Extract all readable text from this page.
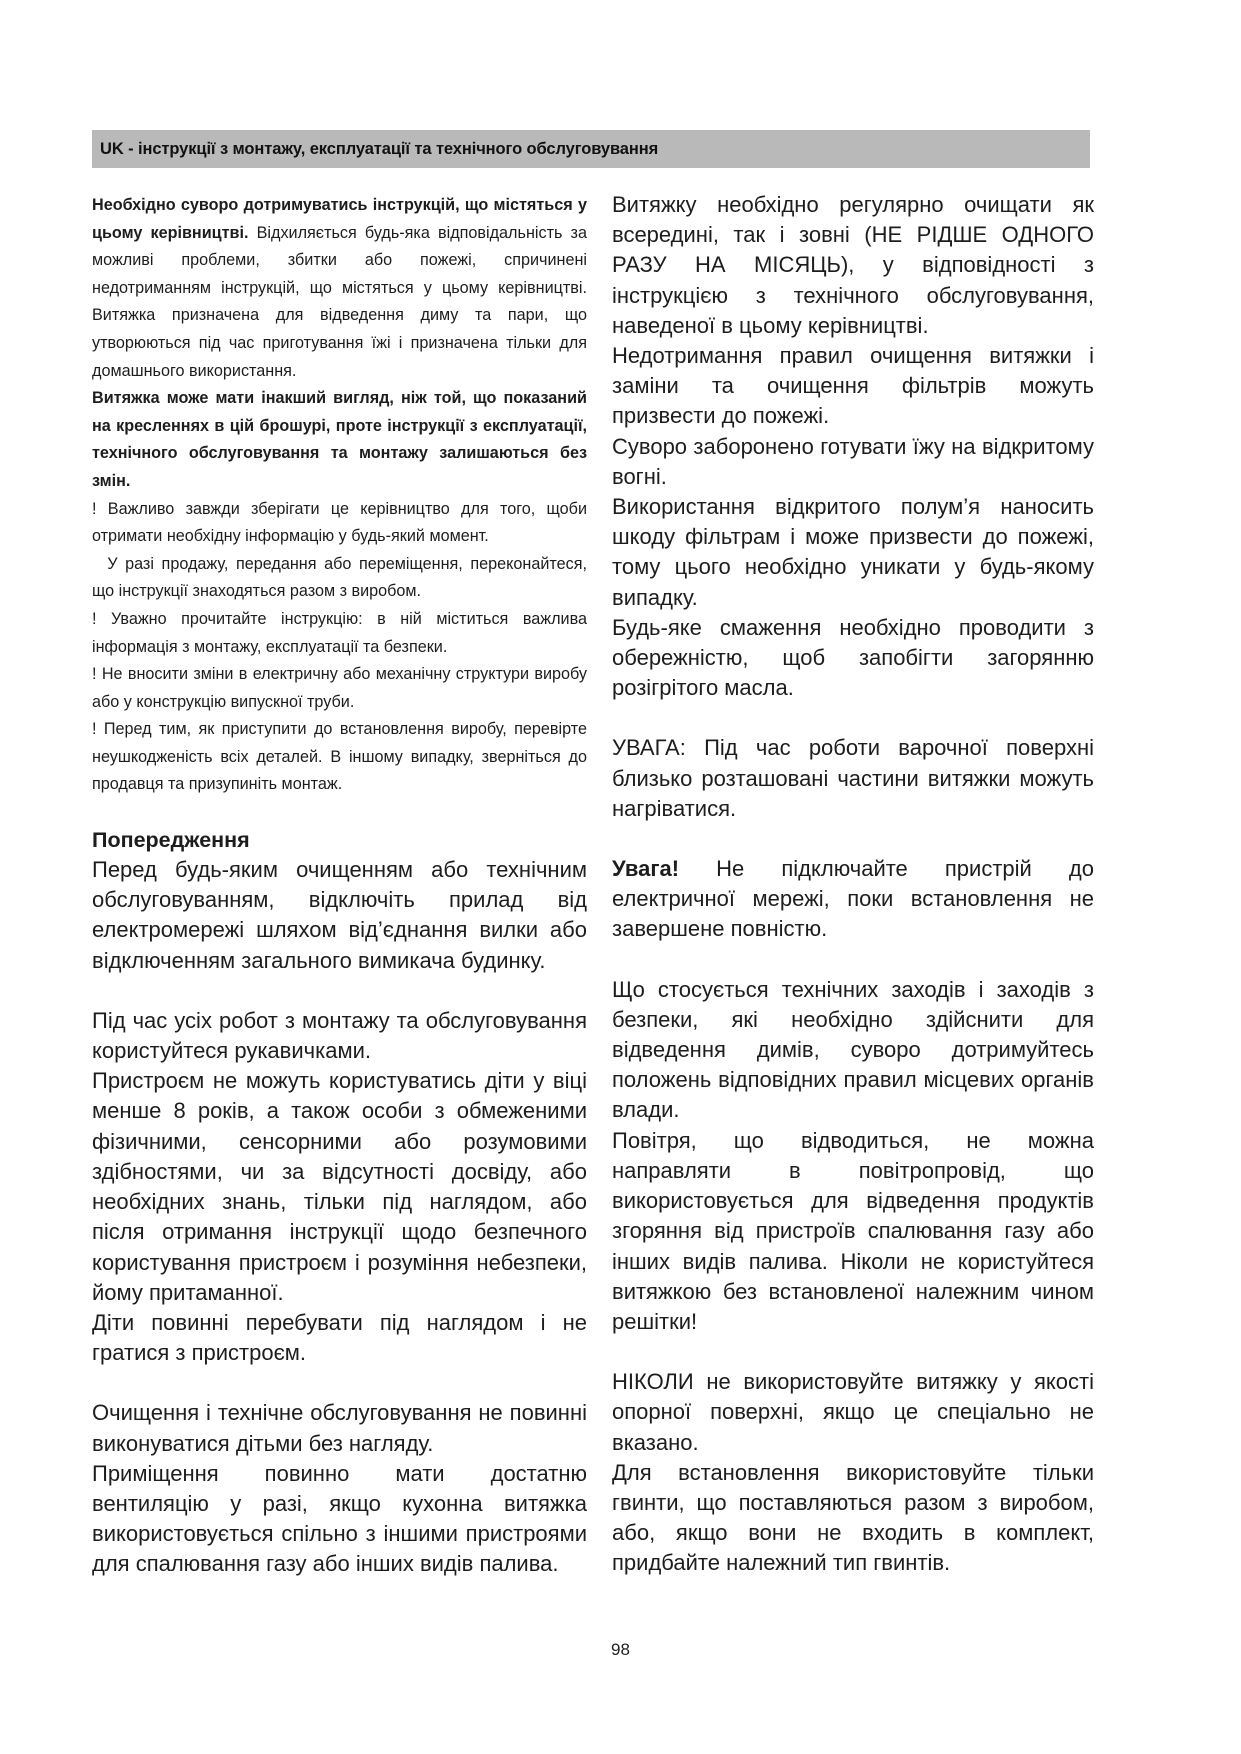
UK - інструкції з монтажу, експлуатації та технічного обслуговування

Необхідно суворо дотримуватись інструкцій, що містяться у цьому керівництві. Відхиляється будь-яка відповідальність за можливі проблеми, збитки або пожежі, спричинені недотриманням інструкцій, що містяться у цьому керівництві. Витяжка призначена для відведення диму та пари, що утворюються під час приготування їжі і призначена тільки для домашнього використання.

Витяжка може мати інакший вигляд, ніж той, що показаний на кресленнях в цій брошурі, проте інструкції з експлуатації, технічного обслуговування та монтажу залишаються без змін.

! Важливо завжди зберігати це керівництво для того, щоби отримати необхідну інформацію у будь-який момент.

У разі продажу, передання або переміщення, переконайтеся, що інструкції знаходяться разом з виробом.

! Уважно прочитайте інструкцію: в ній міститься важлива інформація з монтажу, експлуатації та безпеки.

! Не вносити зміни в електричну або механічну структури виробу або у конструкцію випускної труби.

! Перед тим, як приступити до встановлення виробу, перевірте неушкодженість всіх деталей. В іншому випадку, зверніться до продавця та призупиніть монтаж.

Попередження

Перед будь-яким очищенням або технічним обслуговуванням, відключіть прилад від електромережі шляхом від’єднання вилки або відключенням загального вимикача будинку.

Під час усіх робот з монтажу та обслуговування користуйтеся рукавичками.

Пристроєм не можуть користуватись діти у віці менше 8 років, а також особи з обмеженими фізичними, сенсорними або розумовими здібностями, чи за відсутності досвіду, або необхідних знань, тільки під наглядом, або після отримання інструкції щодо безпечного користування пристроєм і розуміння небезпеки, йому притаманної.

Діти повинні перебувати під наглядом і не гратися з пристроєм.

Очищення і технічне обслуговування не повинні виконуватися дітьми без нагляду.

Приміщення повинно мати достатню вентиляцію у разі, якщо кухонна витяжка використовується спільно з іншими пристроями для спалювання газу або інших видів палива.

Витяжку необхідно регулярно очищати як всередині, так і зовні (НЕ РІДШЕ ОДНОГО РАЗУ НА МІСЯЦЬ), у відповідності з інструкцією з технічного обслуговування, наведеної в цьому керівництві.

Недотримання правил очищення витяжки і заміни та очищення фільтрів можуть призвести до пожежі.

Суворо заборонено готувати їжу на відкритому вогні.

Використання відкритого полум’я наносить шкоду фільтрам і може призвести до пожежі, тому цього необхідно уникати у будь-якому випадку.

Будь-яке смаження необхідно проводити з обережністю, щоб запобігти загорянню розігрітого масла.

УВАГА: Під час роботи варочної поверхні близько розташовані частини витяжки можуть нагріватися.

Увага! Не підключайте пристрій до електричної мережі, поки встановлення не завершене повністю.

Що стосується технічних заходів і заходів з безпеки, які необхідно здійснити для відведення димів, суворо дотримуйтесь положень відповідних правил місцевих органів влади.

Повітря, що відводиться, не можна направляти в повітропровід, що використовується для відведення продуктів згоряння від пристроїв спалювання газу або інших видів палива. Ніколи не користуйтеся витяжкою без встановленої належним чином решітки!

НІКОЛИ не використовуйте витяжку у якості опорної поверхні, якщо це спеціально не вказано.

Для встановлення використовуйте тільки гвинти, що поставляються разом з виробом, або, якщо вони не входить в комплект, придбайте належний тип гвинтів.

98
